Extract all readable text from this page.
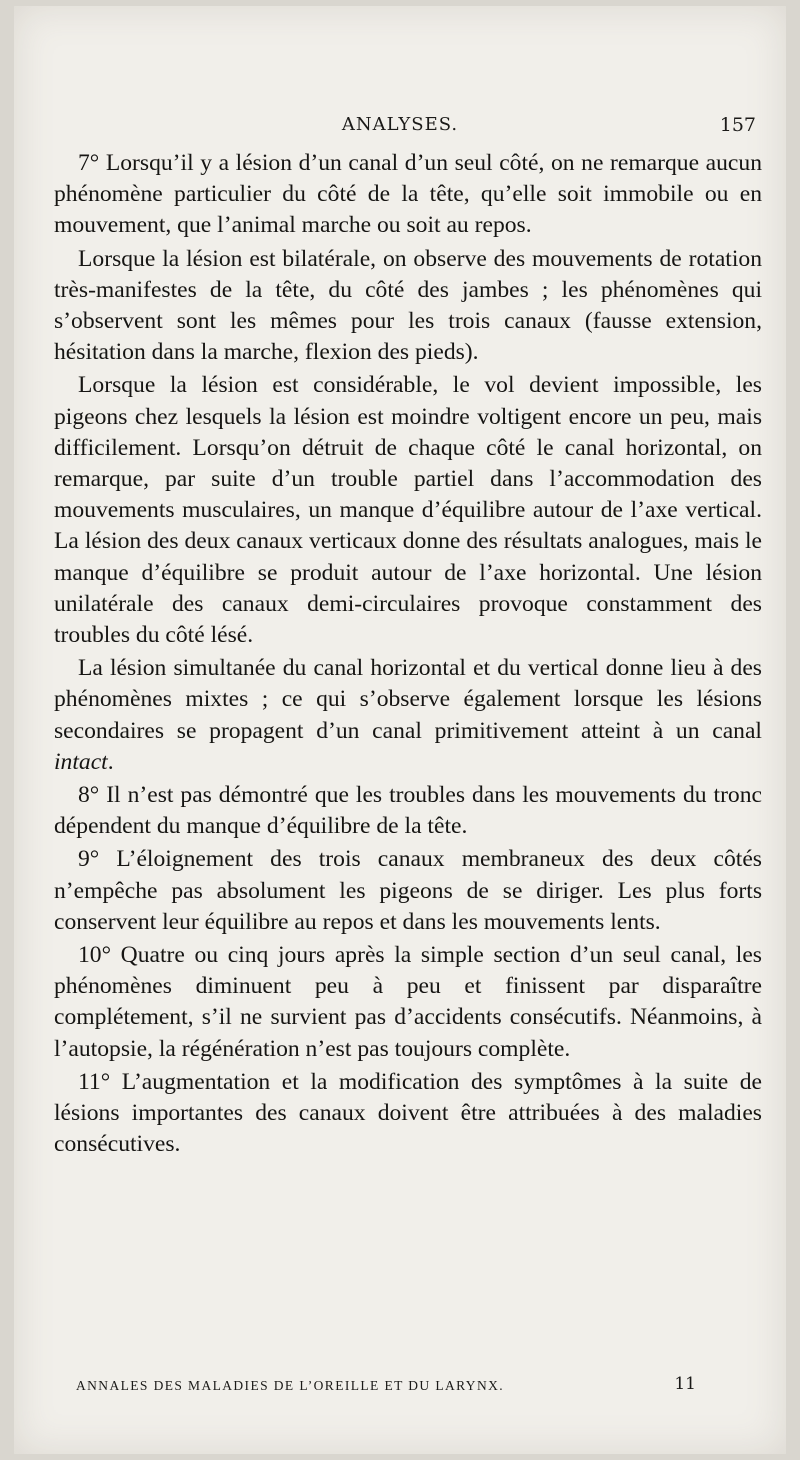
ANALYSES.	157

7° Lorsqu’il y a lésion d’un canal d’un seul côté, on ne remarque aucun phénomène particulier du côté de la tête, qu’elle soit immobile ou en mouvement, que l’animal marche ou soit au repos.

Lorsque la lésion est bilatérale, on observe des mouvements de rotation très-manifestes de la tête, du côté des jambes ; les phénomènes qui s’observent sont les mêmes pour les trois canaux (fausse extension, hésitation dans la marche, flexion des pieds).

Lorsque la lésion est considérable, le vol devient impossible, les pigeons chez lesquels la lésion est moindre voltigent encore un peu, mais difficilement. Lorsqu’on détruit de chaque côté le canal horizontal, on remarque, par suite d’un trouble partiel dans l’accommodation des mouvements musculaires, un manque d’équilibre autour de l’axe vertical. La lésion des deux canaux verticaux donne des résultats analogues, mais le manque d’équilibre se produit autour de l’axe horizontal. Une lésion unilatérale des canaux demi-circulaires provoque constamment des troubles du côté lésé.

La lésion simultanée du canal horizontal et du vertical donne lieu à des phénomènes mixtes ; ce qui s’observe également lorsque les lésions secondaires se propagent d’un canal primitivement atteint à un canal intact.

8° Il n’est pas démontré que les troubles dans les mouvements du tronc dépendent du manque d’équilibre de la tête.

9° L’éloignement des trois canaux membraneux des deux côtés n’empêche pas absolument les pigeons de se diriger. Les plus forts conservent leur équilibre au repos et dans les mouvements lents.

10° Quatre ou cinq jours après la simple section d’un seul canal, les phénomènes diminuent peu à peu et finissent par disparaître complétement, s’il ne survient pas d’accidents consécutifs. Néanmoins, à l’autopsie, la régénération n’est pas toujours complète.

11° L’augmentation et la modification des symptômes à la suite de lésions importantes des canaux doivent être attribuées à des maladies consécutives.

ANNALES DES MALADIES DE L’OREILLE ET DU LARYNX.	11
